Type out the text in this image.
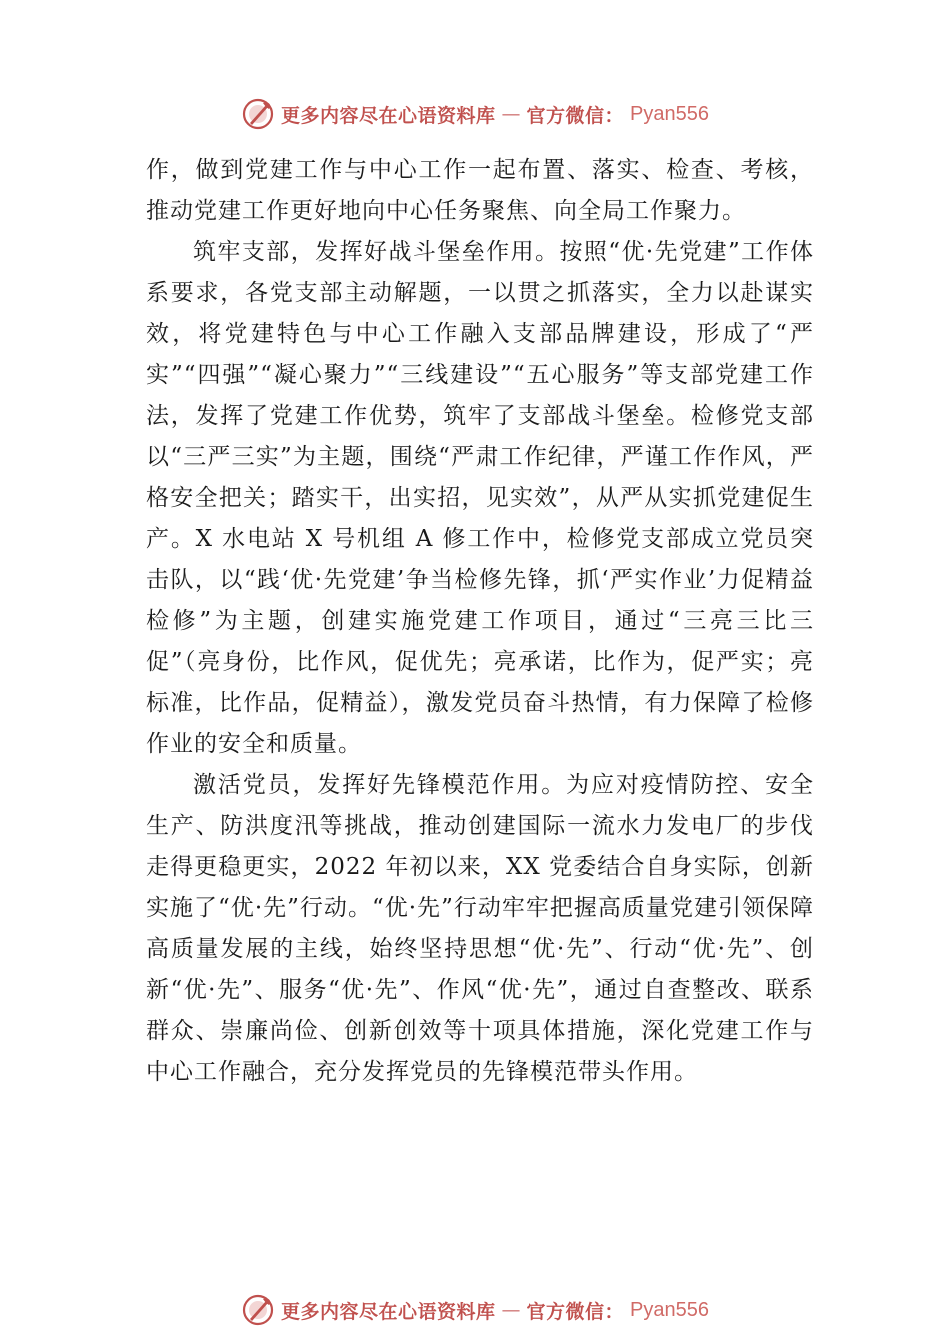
更多内容尽在心语资料库 — 官方微信： Pyan556

作，做到党建工作与中心工作一起布置、落实、检查、考核，推动党建工作更好地向中心任务聚焦、向全局工作聚力。

筑牢支部，发挥好战斗堡垒作用。按照“优·先党建”工作体系要求，各党支部主动解题，一以贯之抓落实，全力以赴谋实效，将党建特色与中心工作融入支部品牌建设，形成了“严实”“四强”“凝心聚力”“三线建设”“五心服务”等支部党建工作法，发挥了党建工作优势，筑牢了支部战斗堡垒。检修党支部以“三严三实”为主题，围绕“严肃工作纪律，严谨工作作风，严格安全把关；踏实干，出实招，见实效”，从严从实抓党建促生产。X 水电站 X 号机组 A 修工作中，检修党支部成立党员突击队，以“践‘优·先党建’争当检修先锋，抓‘严实作业’力促精益检修”为主题，创建实施党建工作项目，通过“三亮三比三促”（亮身份，比作风，促优先；亮承诺，比作为，促严实；亮标准，比作品，促精益），激发党员奋斗热情，有力保障了检修作业的安全和质量。

激活党员，发挥好先锋模范作用。为应对疫情防控、安全生产、防洪度汛等挑战，推动创建国际一流水力发电厂的步伐走得更稳更实，2022 年初以来，XX 党委结合自身实际，创新实施了“优·先”行动。“优·先”行动牢牢把握高质量党建引领保障高质量发展的主线，始终坚持思想“优·先”、行动“优·先”、创新“优·先”、服务“优·先”、作风“优·先”，通过自查整改、联系群众、崇廉尚俭、创新创效等十项具体措施，深化党建工作与中心工作融合，充分发挥党员的先锋模范带头作用。

更多内容尽在心语资料库 — 官方微信： Pyan556
